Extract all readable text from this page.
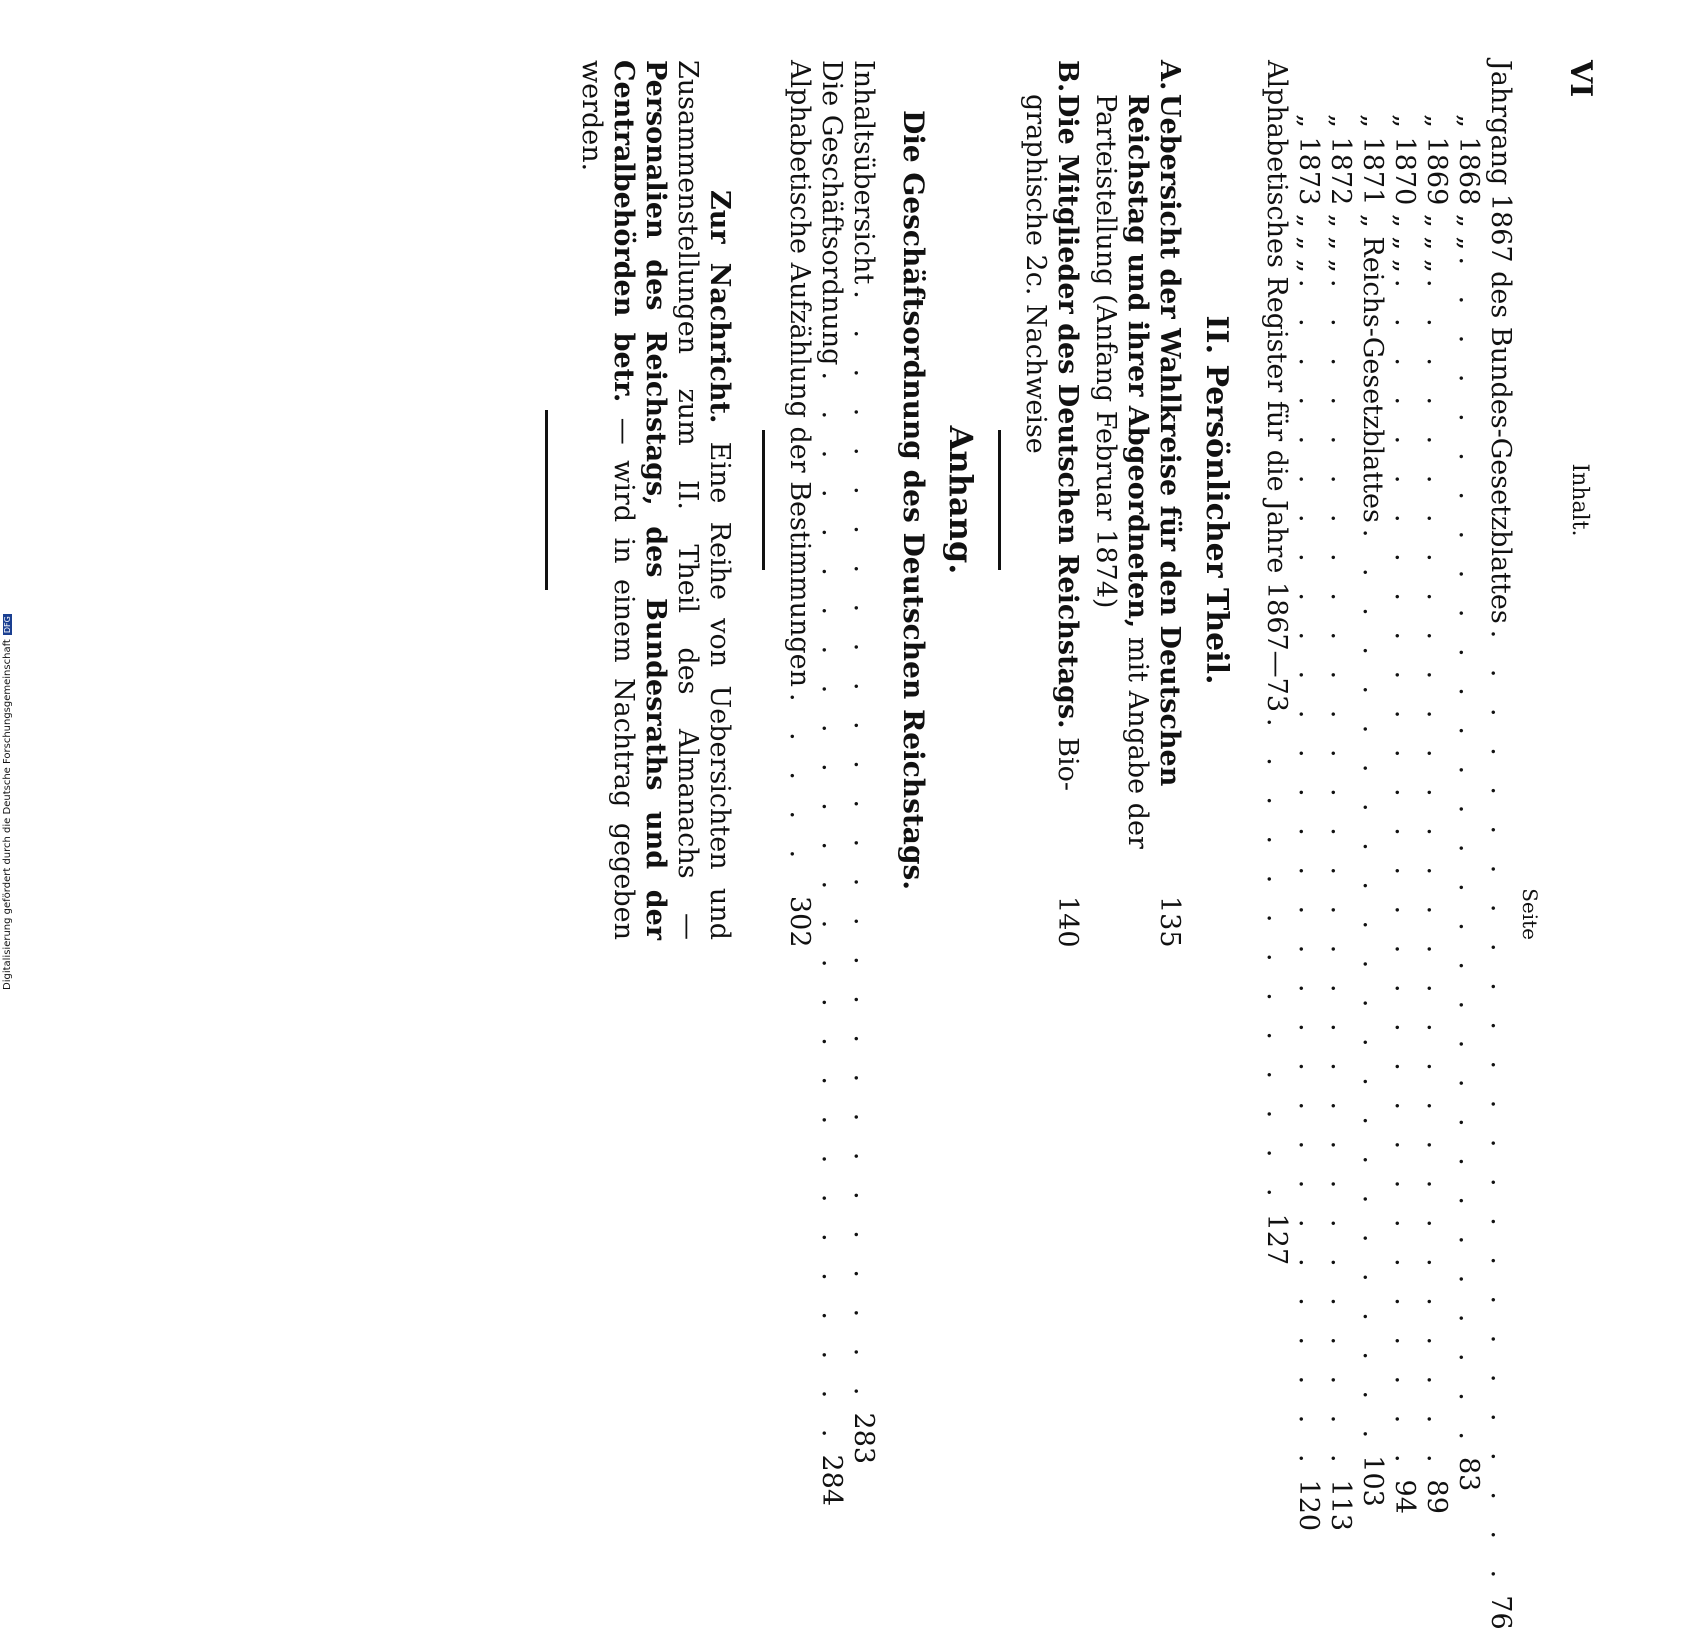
VI
Inhalt.
Seite
Jahrgang 1867 des Bundes-Gesetzblattes
. . . . . . . . . . . . . . . . . . . . . . . . .
76
„ 1868 „ „
. . . . . . . . . . . . . . . . . . . . . . . . . . . . . . .
83
„ 1869 „ „ „
. . . . . . . . . . . . . . . . . . . . . . . . . . . . . . .
89
„ 1870 „ „ „
. . . . . . . . . . . . . . . . . . . . . . . . . . . . . . .
94
„ 1871 „ Reichs-Gesetzblattes
. . . . . . . . . . . . . . . . . . . . . . . .
103
„ 1872 „ „ „
. . . . . . . . . . . . . . . . . . . . . . . . . . . . . . .
113
„ 1873 „ „ „
. . . . . . . . . . . . . . . . . . . . . . . . . . . . . . .
120
Alphabetisches Register für die Jahre 1867—73
. . . . . . . . . . . . .
127
II. Persönlicher Theil.
A.
Uebersicht der Wahlkreise für den Deutschen Reichstag und ihrer Abgeordneten, mit Angabe der Parteistellung (Anfang Februar 1874)
135
B.
Die Mitglieder des Deutschen Reichstags. Bio-graphische 2c. Nachweise
140
Anhang.
Die Geschäftsordnung des Deutschen Reichstags.
Inhaltsübersicht
. . . . . . . . . . . . . . . . . . . . . . . . . . . . .
283
Die Geschäftsordnung
. . . . . . . . . . . . . . . . . . . . . . . . . . . .
284
Alphabetische Aufzählung der Bestimmungen
. . . . .
302

Zur Nachricht. Eine Reihe von Uebersichten und Zusammenstellungen zum II. Theil des Almanachs — Personalien des Reichstags, des Bundesraths und der Centralbehörden betr. — wird in einem Nachtrag gegeben werden.

Digitalisierung gefördert durch die Deutsche Forschungsgemeinschaft
DFG
